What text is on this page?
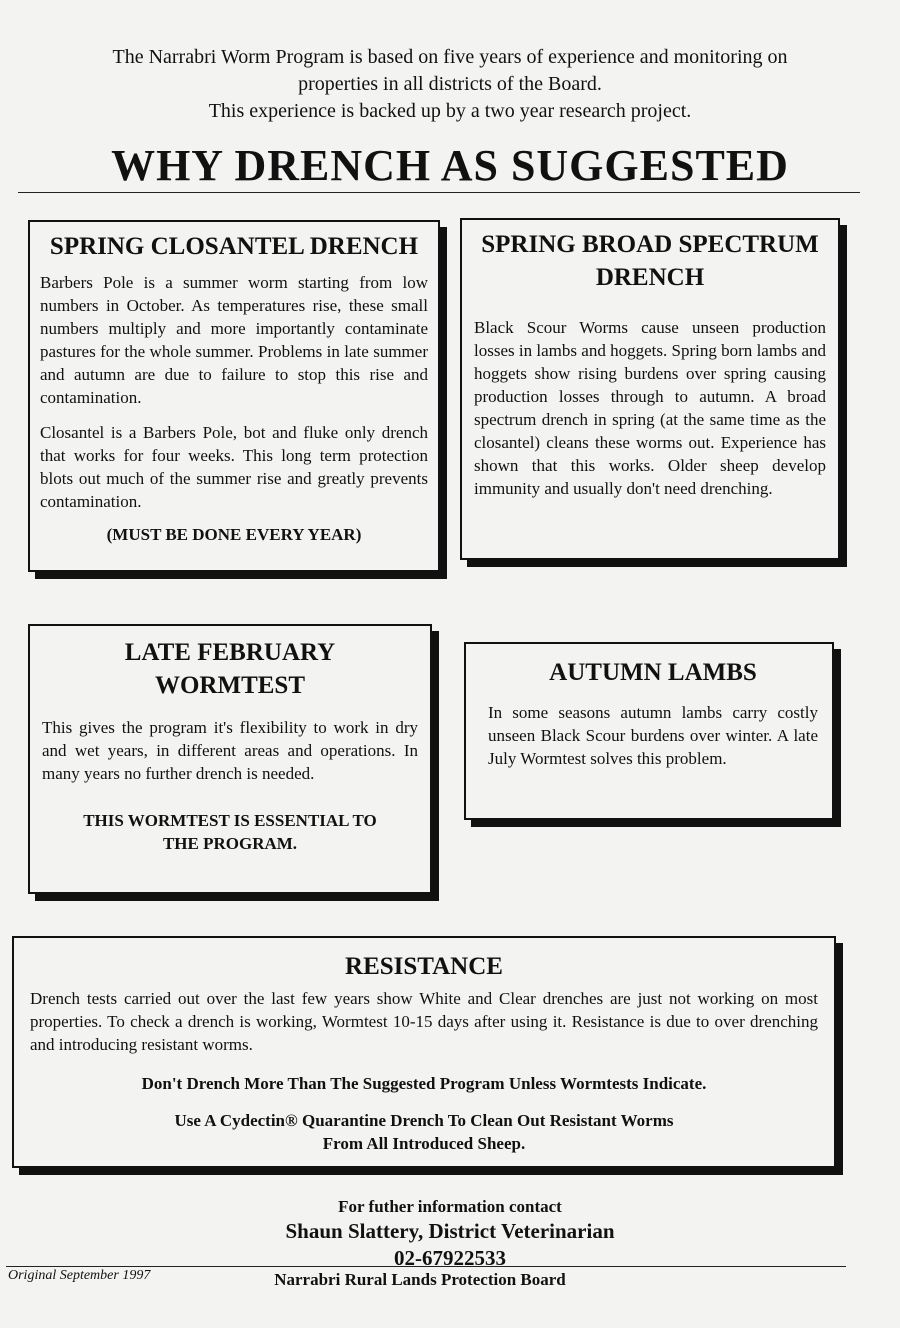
The Narrabri Worm Program is based on five years of experience and monitoring on
properties in all districts of the Board.
This experience is backed up by a two year research project.
WHY DRENCH AS SUGGESTED
SPRING CLOSANTEL DRENCH

Barbers Pole is a summer worm starting from low numbers in October. As temperatures rise, these small numbers multiply and more importantly contaminate pastures for the whole summer. Problems in late summer and autumn are due to failure to stop this rise and contamination.

Closantel is a Barbers Pole, bot and fluke only drench that works for four weeks. This long term protection blots out much of the summer rise and greatly prevents contamination.

(MUST BE DONE EVERY YEAR)

SPRING BROAD SPECTRUM
DRENCH

Black Scour Worms cause unseen production losses in lambs and hoggets. Spring born lambs and hoggets show rising burdens over spring causing production losses through to autumn. A broad spectrum drench in spring (at the same time as the closantel) cleans these worms out. Experience has shown that this works. Older sheep develop immunity and usually don't need drenching.

LATE FEBRUARY
WORMTEST

This gives the program it's flexibility to work in dry and wet years, in different areas and operations. In many years no further drench is needed.

THIS WORMTEST IS ESSENTIAL TO

THE PROGRAM.

AUTUMN LAMBS

In some seasons autumn lambs carry costly unseen Black Scour burdens over winter. A late July Wormtest solves this problem.

RESISTANCE

Drench tests carried out over the last few years show White and Clear drenches are just not working on most properties. To check a drench is working, Wormtest 10-15 days after using it. Resistance is due to over drenching and introducing resistant worms.

Don't Drench More Than The Suggested Program Unless Wormtests Indicate.

Use A Cydectin® Quarantine Drench To Clean Out Resistant Worms

From All Introduced Sheep.

For futher information contact
Shaun Slattery, District Veterinarian
02-67922533
Original September 1997	Narrabri Rural Lands Protection Board
